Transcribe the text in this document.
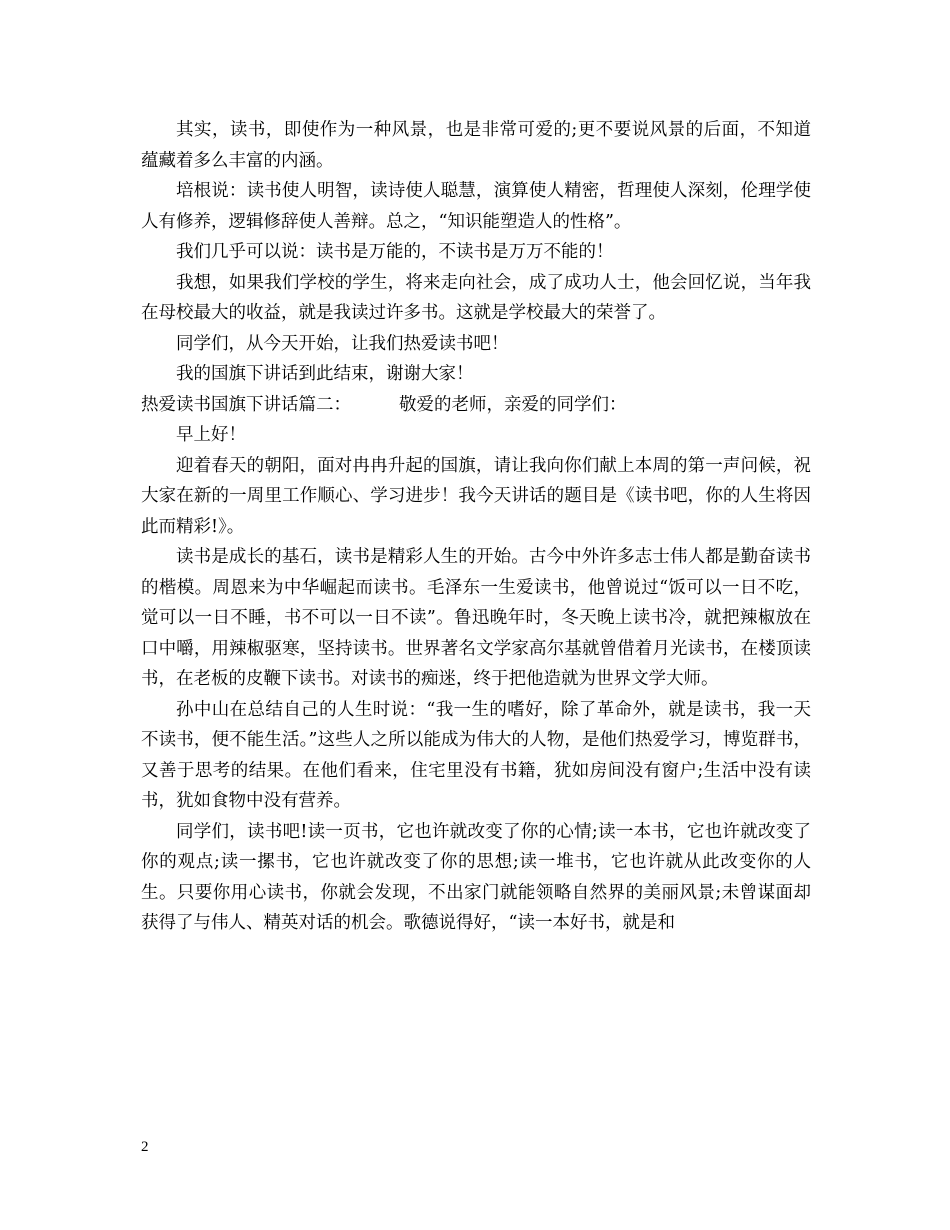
其实，读书，即使作为一种风景，也是非常可爱的;更不要说风景的后面，不知道蕴藏着多么丰富的内涵。

培根说：读书使人明智，读诗使人聪慧，演算使人精密，哲理使人深刻，伦理学使人有修养，逻辑修辞使人善辩。总之，“知识能塑造人的性格”。

我们几乎可以说：读书是万能的，不读书是万万不能的！

我想，如果我们学校的学生，将来走向社会，成了成功人士，他会回忆说，当年我在母校最大的收益，就是我读过许多书。这就是学校最大的荣誉了。

同学们，从今天开始，让我们热爱读书吧！

我的国旗下讲话到此结束，谢谢大家！

热爱读书国旗下讲话篇二：	敬爱的老师，亲爱的同学们：

早上好！

迎着春天的朝阳，面对冉冉升起的国旗，请让我向你们献上本周的第一声问候，祝大家在新的一周里工作顺心、学习进步！我今天讲话的题目是《读书吧，你的人生将因此而精彩!》。

读书是成长的基石，读书是精彩人生的开始。古今中外许多志士伟人都是勤奋读书的楷模。周恩来为中华崛起而读书。毛泽东一生爱读书，他曾说过“饭可以一日不吃，觉可以一日不睡，书不可以一日不读”。鲁迅晚年时，冬天晚上读书冷，就把辣椒放在口中嚼，用辣椒驱寒，坚持读书。世界著名文学家高尔基就曾借着月光读书，在楼顶读书，在老板的皮鞭下读书。对读书的痴迷，终于把他造就为世界文学大师。

孙中山在总结自己的人生时说：“我一生的嗜好，除了革命外，就是读书，我一天不读书，便不能生活。”这些人之所以能成为伟大的人物，是他们热爱学习，博览群书，又善于思考的结果。在他们看来，住宅里没有书籍，犹如房间没有窗户;生活中没有读书，犹如食物中没有营养。

同学们，读书吧!读一页书，它也许就改变了你的心情;读一本书，它也许就改变了你的观点;读一摞书，它也许就改变了你的思想;读一堆书，它也许就从此改变你的人生。只要你用心读书，你就会发现，不出家门就能领略自然界的美丽风景;未曾谋面却获得了与伟人、精英对话的机会。歌德说得好，“读一本好书，就是和

2
